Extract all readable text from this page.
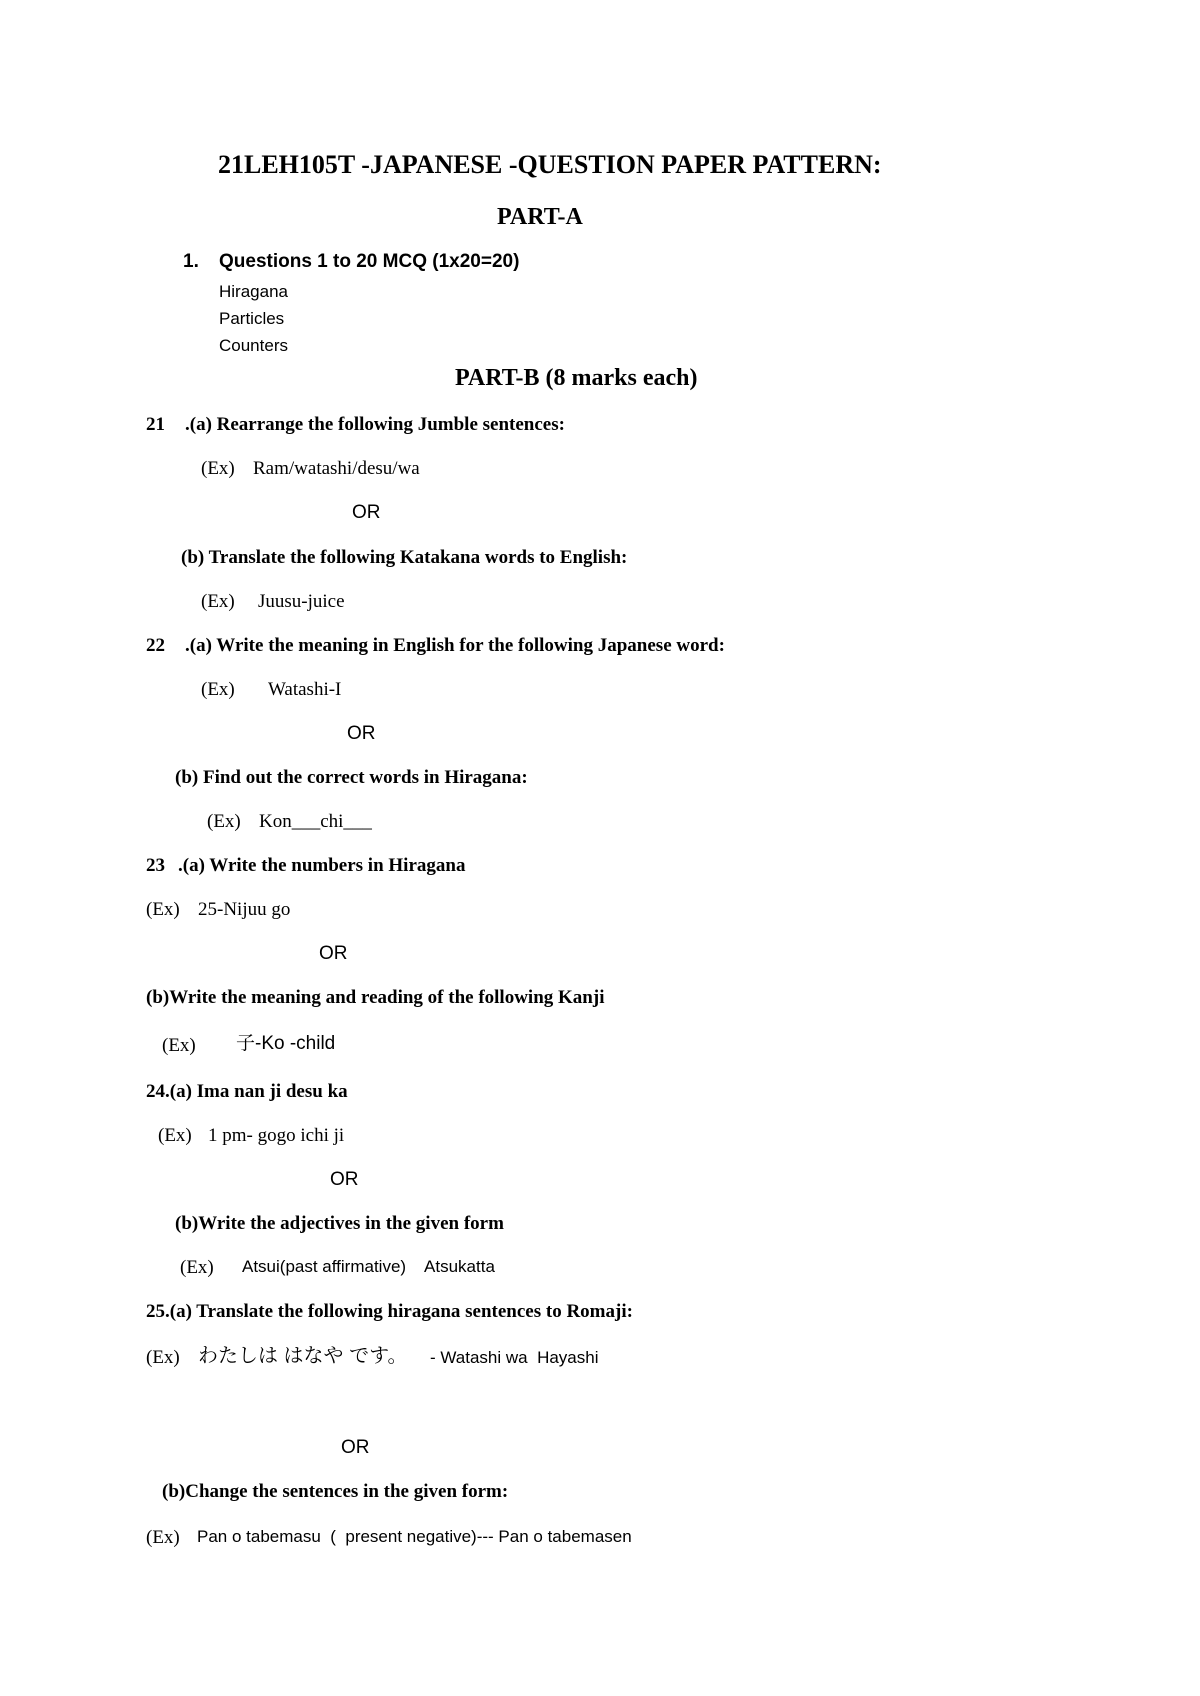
21LEH105T -JAPANESE -QUESTION PAPER PATTERN:
PART-A
1. Questions 1 to 20 MCQ (1x20=20)
Hiragana
Particles
Counters
PART-B (8 marks each)
21 .(a) Rearrange the following Jumble sentences:
(Ex) Ram/watashi/desu/wa
OR
(b) Translate the following Katakana words to English:
(Ex) Juusu-juice
22 .(a) Write the meaning in English for the following Japanese word:
(Ex) Watashi-I
OR
(b) Find out the correct words in Hiragana:
(Ex) Kon___chi___
23 .(a) Write the numbers in Hiragana
(Ex) 25-Nijuu go
OR
(b)Write the meaning and reading of the following Kanji
(Ex) 子-Ko -child
24.(a) Ima nan ji desu ka
(Ex) 1 pm- gogo ichi ji
OR
(b)Write the adjectives in the given form
(Ex) Atsui(past affirmative)    Atsukatta
25.(a) Translate the following hiragana sentences to Romaji:
(Ex) わたしは はなや です。 - Watashi wa  Hayashi
OR
(b)Change the sentences in the given form:
(Ex) Pan o tabemasu  (  present negative)--- Pan o tabemasen
